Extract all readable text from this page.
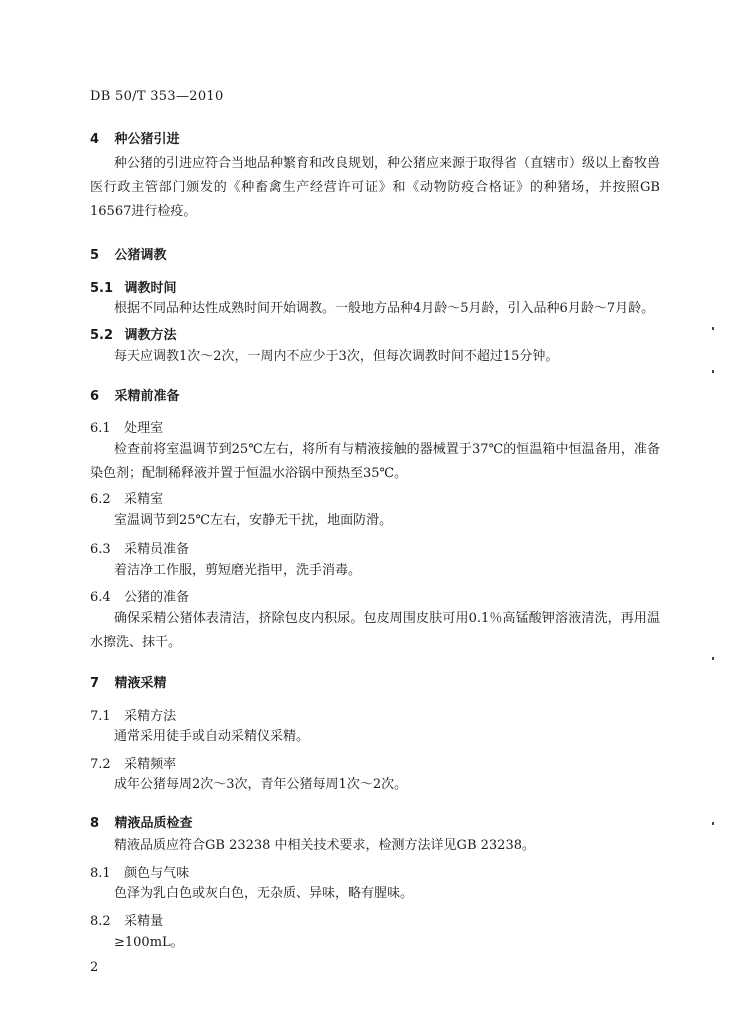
DB 50/T 353—2010
4 种公猪引进
种公猪的引进应符合当地品种繁育和改良规划，种公猪应来源于取得省（直辖市）级以上畜牧兽医行政主管部门颁发的《种畜禽生产经营许可证》和《动物防疫合格证》的种猪场，并按照GB 16567进行检疫。
5 公猪调教
5.1 调教时间
根据不同品种达性成熟时间开始调教。一般地方品种4月龄～5月龄，引入品种6月龄～7月龄。
5.2 调教方法
每天应调教1次～2次，一周内不应少于3次，但每次调教时间不超过15分钟。
6 采精前准备
6.1 处理室
检查前将室温调节到25℃左右，将所有与精液接触的器械置于37℃的恒温箱中恒温备用，准备染色剂；配制稀释液并置于恒温水浴锅中预热至35℃。
6.2 采精室
室温调节到25℃左右，安静无干扰，地面防滑。
6.3 采精员准备
着洁净工作服，剪短磨光指甲，洗手消毒。
6.4 公猪的准备
确保采精公猪体表清洁，挤除包皮内积尿。包皮周围皮肤可用0.1％高锰酸钾溶液清洗，再用温水擦洗、抹干。
7 精液采精
7.1 采精方法
通常采用徒手或自动采精仪采精。
7.2 采精频率
成年公猪每周2次～3次，青年公猪每周1次～2次。
8 精液品质检查
精液品质应符合GB 23238 中相关技术要求，检测方法详见GB 23238。
8.1 颜色与气味
色泽为乳白色或灰白色，无杂质、异味，略有腥味。
8.2 采精量
≥100mL。
2
